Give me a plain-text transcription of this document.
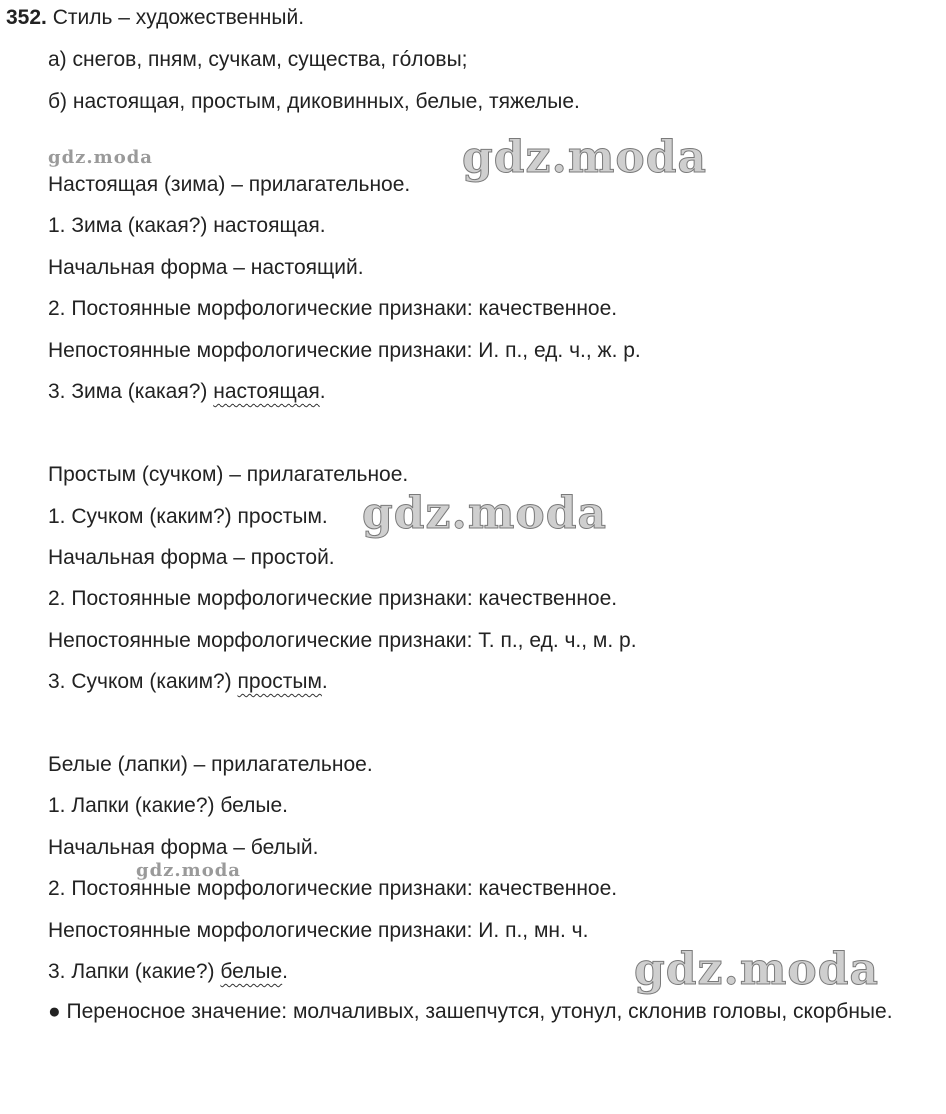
352. Стиль – художественный.
а) снегов, пням, сучкам, существа, гóловы;
б) настоящая, простым, диковинных, белые, тяжелые.
Настоящая (зима) – прилагательное.
1. Зима (какая?) настоящая.
Начальная форма – настоящий.
2. Постоянные морфологические признаки: качественное.
Непостоянные морфологические признаки: И. п., ед. ч., ж. р.
3. Зима (какая?) настоящая.
Простым (сучком) – прилагательное.
1. Сучком (каким?) простым.
Начальная форма – простой.
2. Постоянные морфологические признаки: качественное.
Непостоянные морфологические признаки: Т. п., ед. ч., м. р.
3. Сучком (каким?) простым.
Белые (лапки) – прилагательное.
1. Лапки (какие?) белые.
Начальная форма – белый.
2. Постоянные морфологические признаки: качественное.
Непостоянные морфологические признаки: И. п., мн. ч.
3. Лапки (какие?) белые.
● Переносное значение: молчаливых, зашепчутся, утонул, склонив головы, скорбные.
gdz.moda	gdz.moda
gdz.moda
gdz.moda
gdz.moda
